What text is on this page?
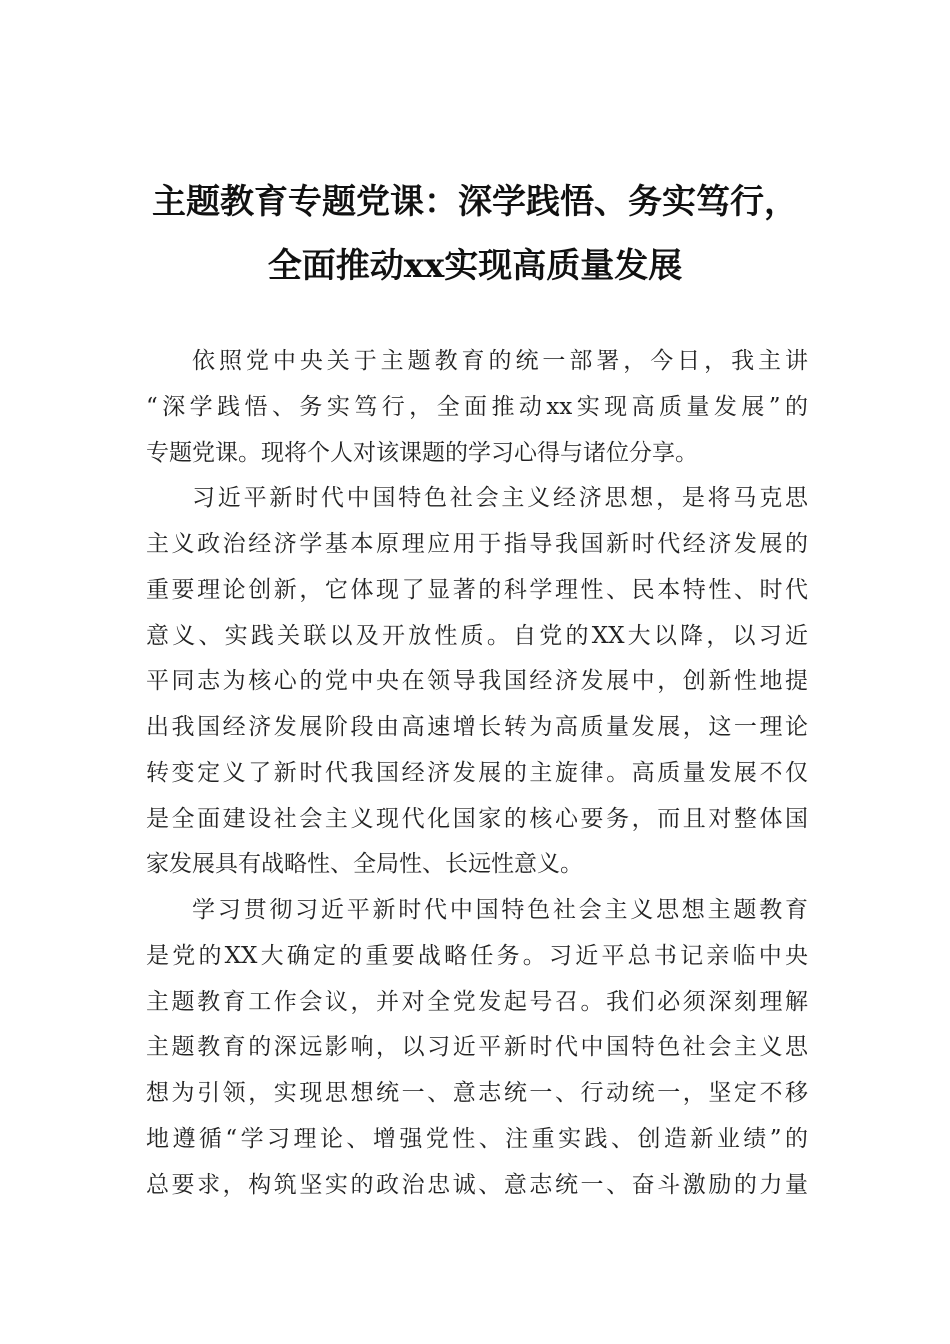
主题教育专题党课：深学践悟、务实笃行，
全面推动xx实现高质量发展
依照党中央关于主题教育的统一部署，今日，我主讲
“深学践悟、务实笃行，全面推动xx实现高质量发展”的
专题党课。现将个人对该课题的学习心得与诸位分享。
习近平新时代中国特色社会主义经济思想，是将马克思
主义政治经济学基本原理应用于指导我国新时代经济发展的
重要理论创新，它体现了显著的科学理性、民本特性、时代
意义、实践关联以及开放性质。自党的XX大以降，以习近
平同志为核心的党中央在领导我国经济发展中，创新性地提
出我国经济发展阶段由高速增长转为高质量发展，这一理论
转变定义了新时代我国经济发展的主旋律。高质量发展不仅
是全面建设社会主义现代化国家的核心要务，而且对整体国
家发展具有战略性、全局性、长远性意义。
学习贯彻习近平新时代中国特色社会主义思想主题教育
是党的XX大确定的重要战略任务。习近平总书记亲临中央
主题教育工作会议，并对全党发起号召。我们必须深刻理解
主题教育的深远影响，以习近平新时代中国特色社会主义思
想为引领，实现思想统一、意志统一、行动统一，坚定不移
地遵循“学习理论、增强党性、注重实践、创造新业绩”的
总要求，构筑坚实的政治忠诚、意志统一、奋斗激励的力量
